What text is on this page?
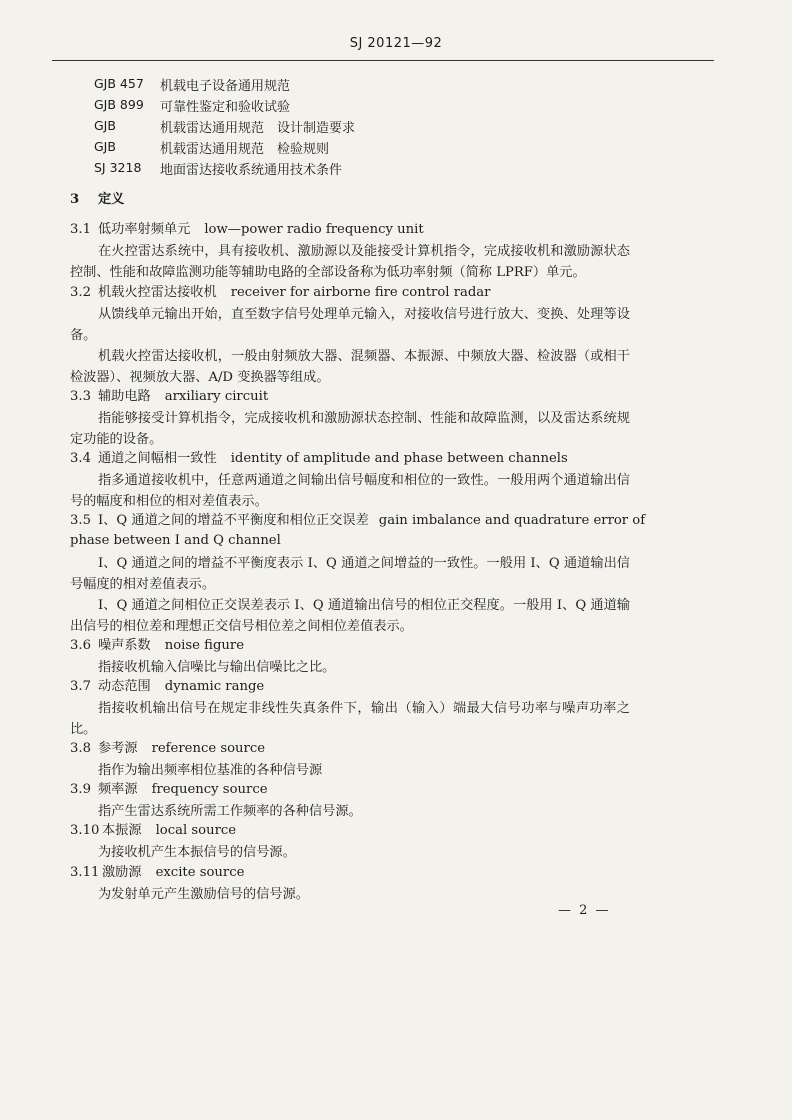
SJ 20121—92
GJB 457	机载电子设备通用规范
GJB 899	可靠性鉴定和验收试验
GJB	机载雷达通用规范　设计制造要求
GJB	机载雷达通用规范　检验规则
SJ 3218	地面雷达接收系统通用技术条件
3 定义
3.1 低功率射频单元 low—power radio frequency unit
在火控雷达系统中，具有接收机、激励源以及能接受计算机指令，完成接收机和激励源状态控制、性能和故障监测功能等辅助电路的全部设备称为低功率射频（简称 LPRF）单元。
3.2 机载火控雷达接收机 receiver for airborne fire control radar
从馈线单元输出开始，直至数字信号处理单元输入，对接收信号进行放大、变换、处理等设备。
机载火控雷达接收机，一般由射频放大器、混频器、本振源、中频放大器、检波器（或相干检波器）、视频放大器、A/D 变换器等组成。
3.3 辅助电路 arxiliary circuit
指能够接受计算机指令，完成接收机和激励源状态控制、性能和故障监测，以及雷达系统规定功能的设备。
3.4 通道之间幅相一致性 identity of amplitude and phase between channels
指多通道接收机中，任意两通道之间输出信号幅度和相位的一致性。一般用两个通道输出信号的幅度和相位的相对差值表示。
3.5 I、Q 通道之间的增益不平衡度和相位正交误差 gain imbalance and quadrature error of
phase between I and Q channel
I、Q 通道之间的增益不平衡度表示 I、Q 通道之间增益的一致性。一般用 I、Q 通道输出信号幅度的相对差值表示。
I、Q 通道之间相位正交误差表示 I、Q 通道输出信号的相位正交程度。一般用 I、Q 通道输出信号的相位差和理想正交信号相位差之间相位差值表示。
3.6 噪声系数 noise figure
指接收机输入信噪比与输出信噪比之比。
3.7 动态范围 dynamic range
指接收机输出信号在规定非线性失真条件下，输出（输入）端最大信号功率与噪声功率之比。
3.8 参考源 reference source
指作为输出频率相位基准的各种信号源
3.9 频率源 frequency source
指产生雷达系统所需工作频率的各种信号源。
3.10 本振源 local source
为接收机产生本振信号的信号源。
3.11 激励源 excite source
为发射单元产生激励信号的信号源。
— 2 —
